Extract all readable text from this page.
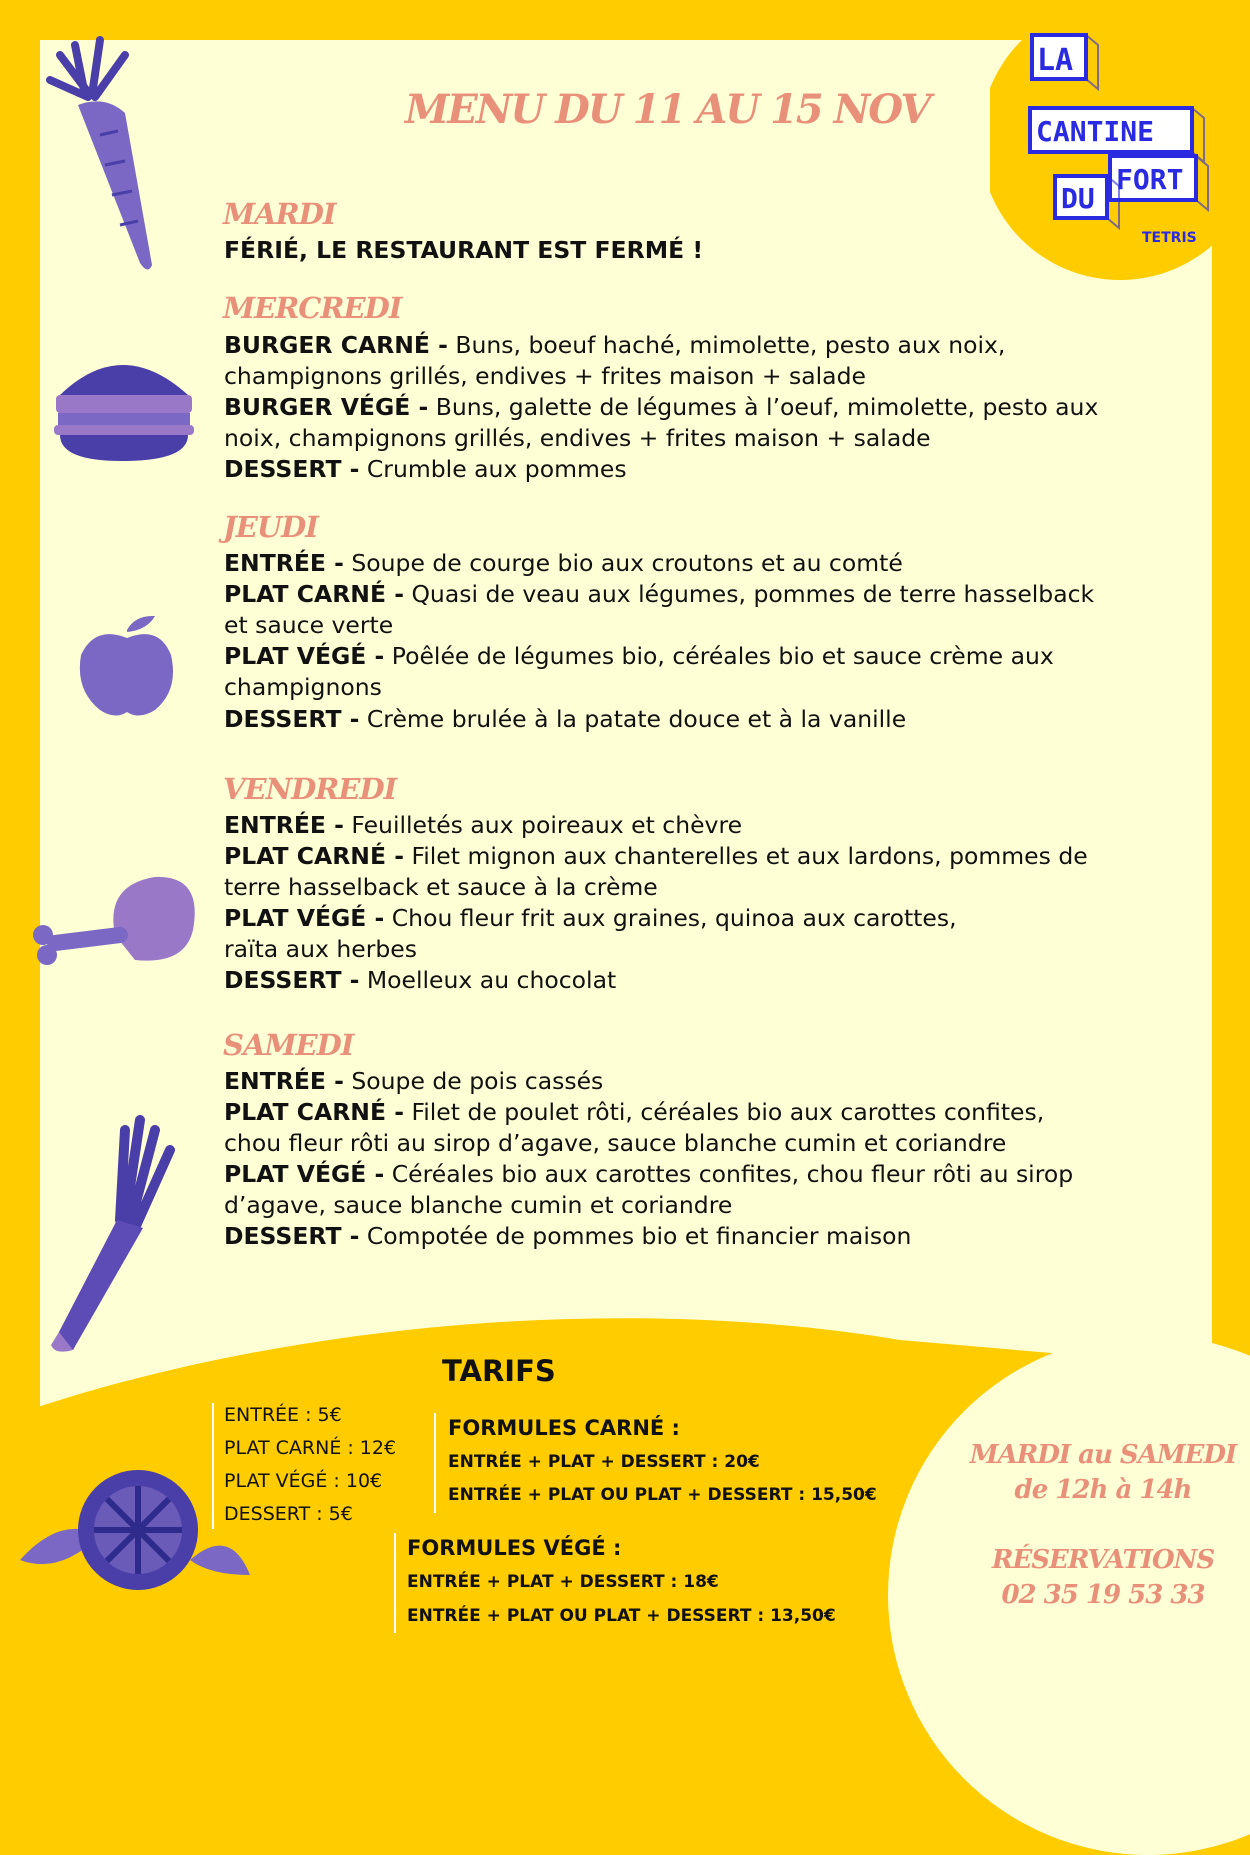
LA
CANTINE
FORT
DU
TETRIS
MENU DU 11 AU 15 NOV
MARDI
FÉRIÉ, LE RESTAURANT EST FERMÉ !
MERCREDI
BURGER CARNÉ - Buns, boeuf haché, mimolette, pesto aux noix,
champignons grillés, endives + frites maison + salade
BURGER VÉGÉ - Buns, galette de légumes à l’oeuf, mimolette, pesto aux
noix, champignons grillés, endives + frites maison + salade
DESSERT - Crumble aux pommes
JEUDI
ENTRÉE - Soupe de courge bio aux croutons et au comté
PLAT CARNÉ - Quasi de veau aux légumes, pommes de terre hasselback
et sauce verte
PLAT VÉGÉ - Poêlée de légumes bio, céréales bio et sauce crème aux
champignons
DESSERT - Crème brulée à la patate douce et à la vanille
VENDREDI
ENTRÉE - Feuilletés aux poireaux et chèvre
PLAT CARNÉ - Filet mignon aux chanterelles et aux lardons, pommes de
terre hasselback et sauce à la crème
PLAT VÉGÉ - Chou fleur frit aux graines, quinoa aux carottes,
raïta aux herbes
DESSERT - Moelleux au chocolat
SAMEDI
ENTRÉE - Soupe de pois cassés
PLAT CARNÉ - Filet de poulet rôti, céréales bio aux carottes confites,
chou fleur rôti au sirop d’agave, sauce blanche cumin et coriandre
PLAT VÉGÉ - Céréales bio aux carottes confites, chou fleur rôti au sirop
d’agave, sauce blanche cumin et coriandre
DESSERT - Compotée de pommes bio et financier maison
TARIFS
ENTRÉE : 5€
PLAT CARNÉ : 12€
PLAT VÉGÉ : 10€
DESSERT : 5€
FORMULES CARNÉ :
ENTRÉE + PLAT + DESSERT : 20€
ENTRÉE + PLAT OU PLAT + DESSERT : 15,50€
FORMULES VÉGÉ :
ENTRÉE + PLAT + DESSERT : 18€
ENTRÉE + PLAT OU PLAT + DESSERT : 13,50€
MARDI au SAMEDI
de 12h à 14h
RÉSERVATIONS
02 35 19 53 33
